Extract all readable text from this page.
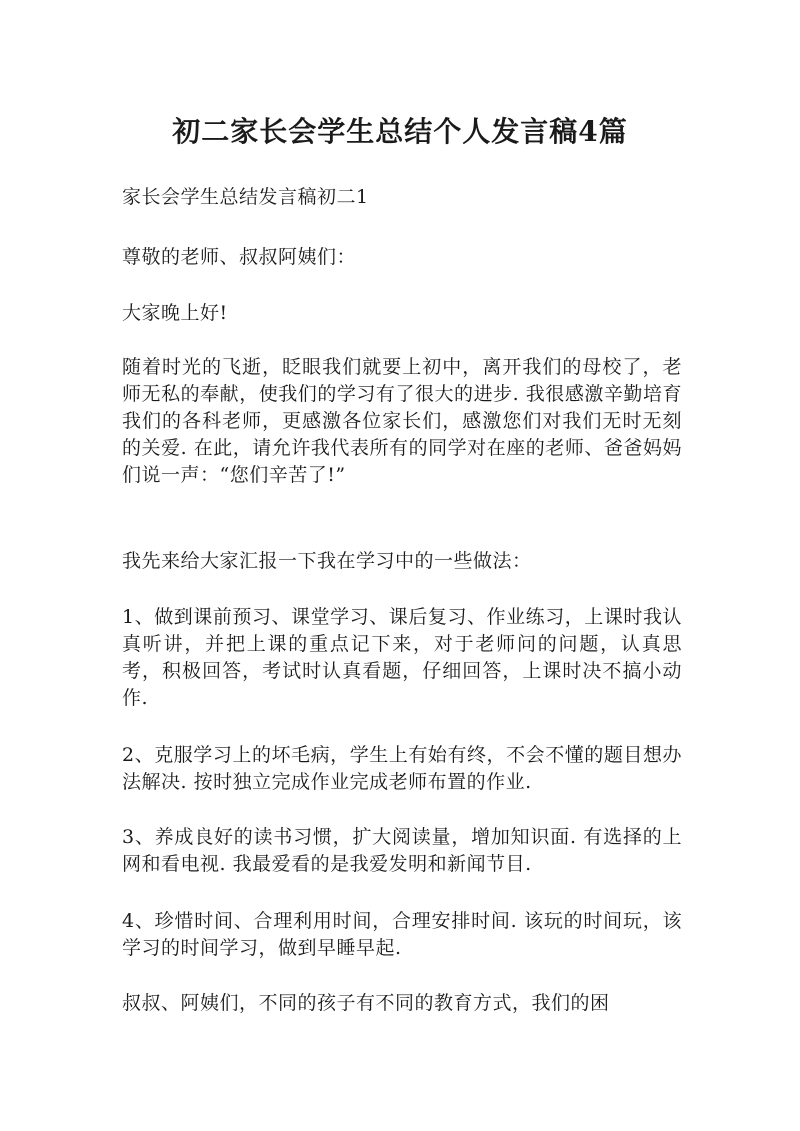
初二家长会学生总结个人发言稿4篇

家长会学生总结发言稿初二1

尊敬的老师、叔叔阿姨们：

大家晚上好!

随着时光的飞逝，眨眼我们就要上初中，离开我们的母校了，老师无私的奉献，使我们的学习有了很大的进步. 我很感激辛勤培育我们的各科老师，更感激各位家长们，感激您们对我们无时无刻的关爱. 在此，请允许我代表所有的同学对在座的老师、爸爸妈妈们说一声：“您们辛苦了!”

我先来给大家汇报一下我在学习中的一些做法：

1、做到课前预习、课堂学习、课后复习、作业练习，上课时我认真听讲，并把上课的重点记下来，对于老师问的问题，认真思考，积极回答，考试时认真看题，仔细回答，上课时决不搞小动作.

2、克服学习上的坏毛病，学生上有始有终，不会不懂的题目想办法解决. 按时独立完成作业完成老师布置的作业.

3、养成良好的读书习惯，扩大阅读量，增加知识面. 有选择的上网和看电视. 我最爱看的是我爱发明和新闻节目.

4、珍惜时间、合理利用时间，合理安排时间. 该玩的时间玩，该学习的时间学习，做到早睡早起.

叔叔、阿姨们，不同的孩子有不同的教育方式，我们的困
